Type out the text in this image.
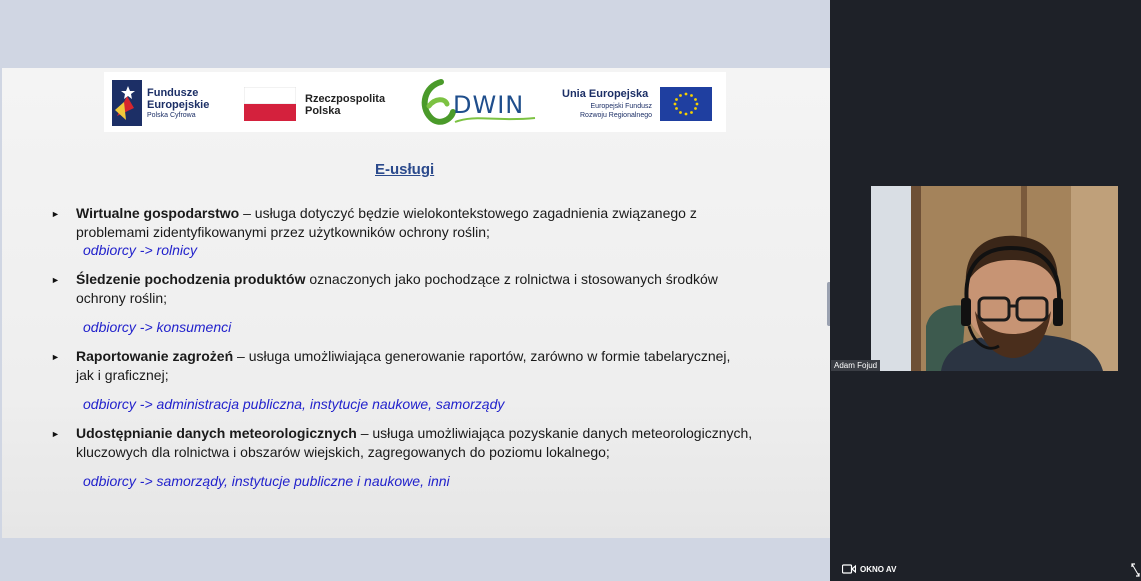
Fundusze
Europejskie
Polska Cyfrowa
Rzeczpospolita
Polska	DWIN	Unia Europejska
Europejski Fundusz
Rozwoju Regionalnego
E-usługi
► Wirtualne gospodarstwo – usługa dotyczyć będzie wielokontekstowego zagadnienia związanego z
problemami zidentyfikowanymi przez użytkowników ochrony roślin;
odbiorcy -> rolnicy
► Śledzenie pochodzenia produktów oznaczonych jako pochodzące z rolnictwa i stosowanych środków
ochrony roślin;
odbiorcy -> konsumenci
► Raportowanie zagrożeń – usługa umożliwiająca generowanie raportów, zarówno w formie tabelarycznej,
jak i graficznej;
odbiorcy -> administracja publiczna, instytucje naukowe, samorządy
► Udostępnianie danych meteorologicznych – usługa umożliwiająca pozyskanie danych meteorologicznych,
kluczowych dla rolnictwa i obszarów wiejskich, zagregowanych do poziomu lokalnego;
odbiorcy -> samorządy, instytucje publiczne i naukowe, inni
Adam Fojud
OKNO AV
